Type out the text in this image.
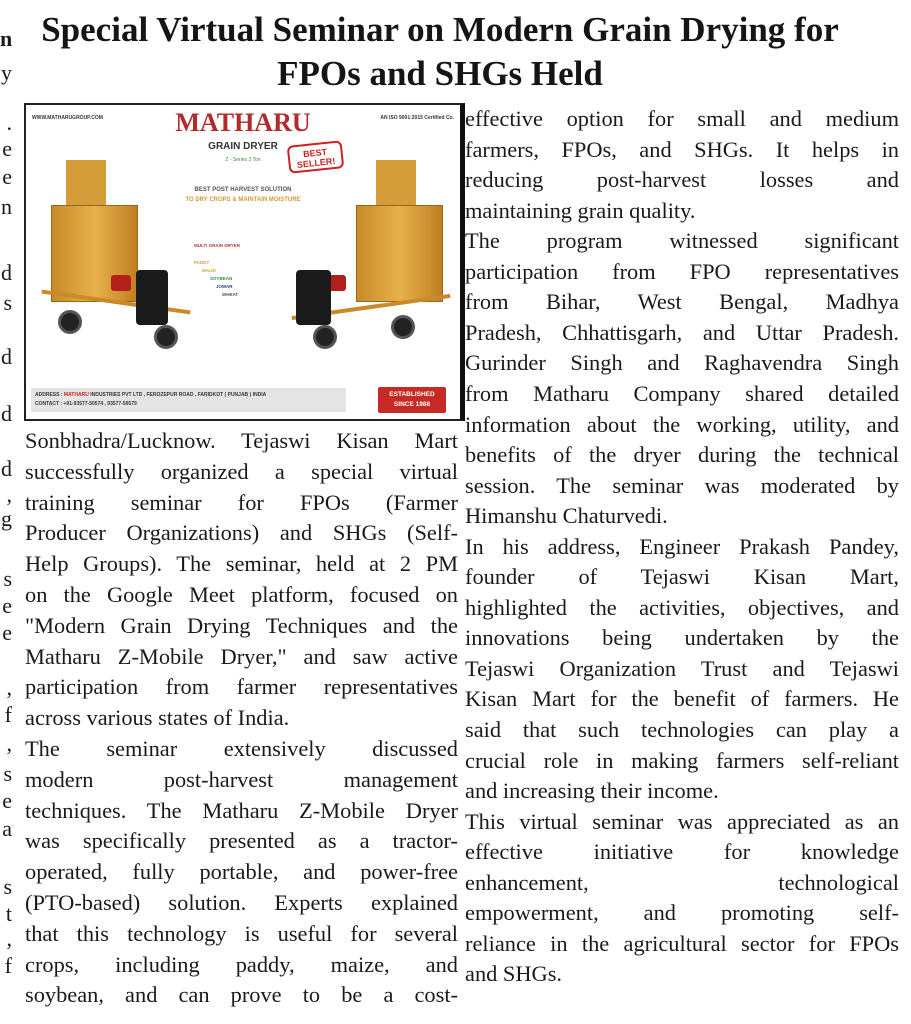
Special Virtual Seminar on Modern Grain Drying for
FPOs and SHGs Held
n
y
.
e
e
n
d
s
d
d
d
,
g
s
e
e
,
f
,
s
e
a
s
t
,
f
WWW.MATHARUGROUP.COM	AN ISO 9001:2015 Certified Co.
MATHARU
GRAIN DRYER
Z - Series 3 Ton
BEST
SELLER!
BEST POST HARVEST SOLUTION
TO DRY CROPS & MAINTAIN MOISTURE
MULTI GRAIN DRYER
PADDY
MAIZE
SOYBEAN
JOWAR
WHEAT
ADDRESS : MATHARU INDUSTRIES PVT LTD , FEROZEPUR ROAD , FARIDKOT ( PUNJAB ) INDIA
CONTACT : +91-93577-50574 , 93577-50579
ESTABLISHED
SINCE 1988
Sonbhadra/Lucknow. Tejaswi Kisan Mart
successfully organized a special virtual
training seminar for FPOs (Farmer
Producer Organizations) and SHGs (Self-
Help Groups). The seminar, held at 2 PM
on the Google Meet platform, focused on
"Modern Grain Drying Techniques and the
Matharu Z-Mobile Dryer," and saw active
participation from farmer representatives
across various states of India.
The seminar extensively discussed
modern post-harvest management
techniques. The Matharu Z-Mobile Dryer
was specifically presented as a tractor-
operated, fully portable, and power-free
(PTO-based) solution. Experts explained
that this technology is useful for several
crops, including paddy, maize, and
soybean, and can prove to be a cost-
effective option for small and medium
farmers, FPOs, and SHGs. It helps in
reducing post-harvest losses and
maintaining grain quality.
The program witnessed significant
participation from FPO representatives
from Bihar, West Bengal, Madhya
Pradesh, Chhattisgarh, and Uttar Pradesh.
Gurinder Singh and Raghavendra Singh
from Matharu Company shared detailed
information about the working, utility, and
benefits of the dryer during the technical
session. The seminar was moderated by
Himanshu Chaturvedi.
In his address, Engineer Prakash Pandey,
founder of Tejaswi Kisan Mart,
highlighted the activities, objectives, and
innovations being undertaken by the
Tejaswi Organization Trust and Tejaswi
Kisan Mart for the benefit of farmers. He
said that such technologies can play a
crucial role in making farmers self-reliant
and increasing their income.
This virtual seminar was appreciated as an
effective initiative for knowledge
enhancement, technological
empowerment, and promoting self-
reliance in the agricultural sector for FPOs
and SHGs.
